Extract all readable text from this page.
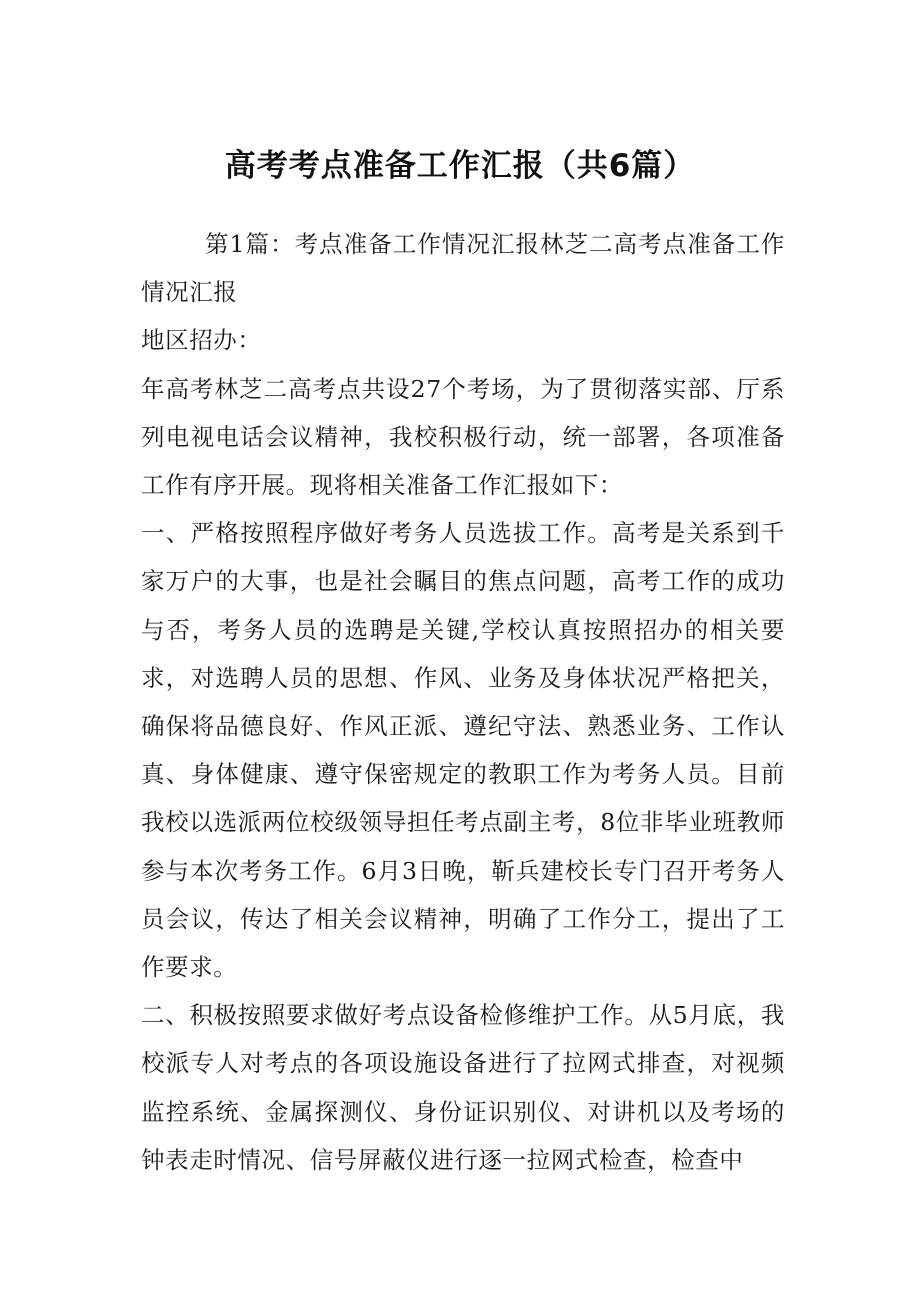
高考考点准备工作汇报（共6篇）

第1篇：考点准备工作情况汇报林芝二高考点准备工作情况汇报

地区招办：

年高考林芝二高考点共设27个考场，为了贯彻落实部、厅系列电视电话会议精神，我校积极行动，统一部署，各项准备工作有序开展。现将相关准备工作汇报如下：

一、严格按照程序做好考务人员选拔工作。高考是关系到千家万户的大事，也是社会瞩目的焦点问题，高考工作的成功与否，考务人员的选聘是关键,学校认真按照招办的相关要求，对选聘人员的思想、作风、业务及身体状况严格把关，确保将品德良好、作风正派、遵纪守法、熟悉业务、工作认真、身体健康、遵守保密规定的教职工作为考务人员。目前我校以选派两位校级领导担任考点副主考，8位非毕业班教师参与本次考务工作。6月3日晚，靳兵建校长专门召开考务人员会议，传达了相关会议精神，明确了工作分工，提出了工作要求。

二、积极按照要求做好考点设备检修维护工作。从5月底，我校派专人对考点的各项设施设备进行了拉网式排查，对视频监控系统、金属探测仪、身份证识别仪、对讲机以及考场的钟表走时情况、信号屏蔽仪进行逐一拉网式检查，检查中
